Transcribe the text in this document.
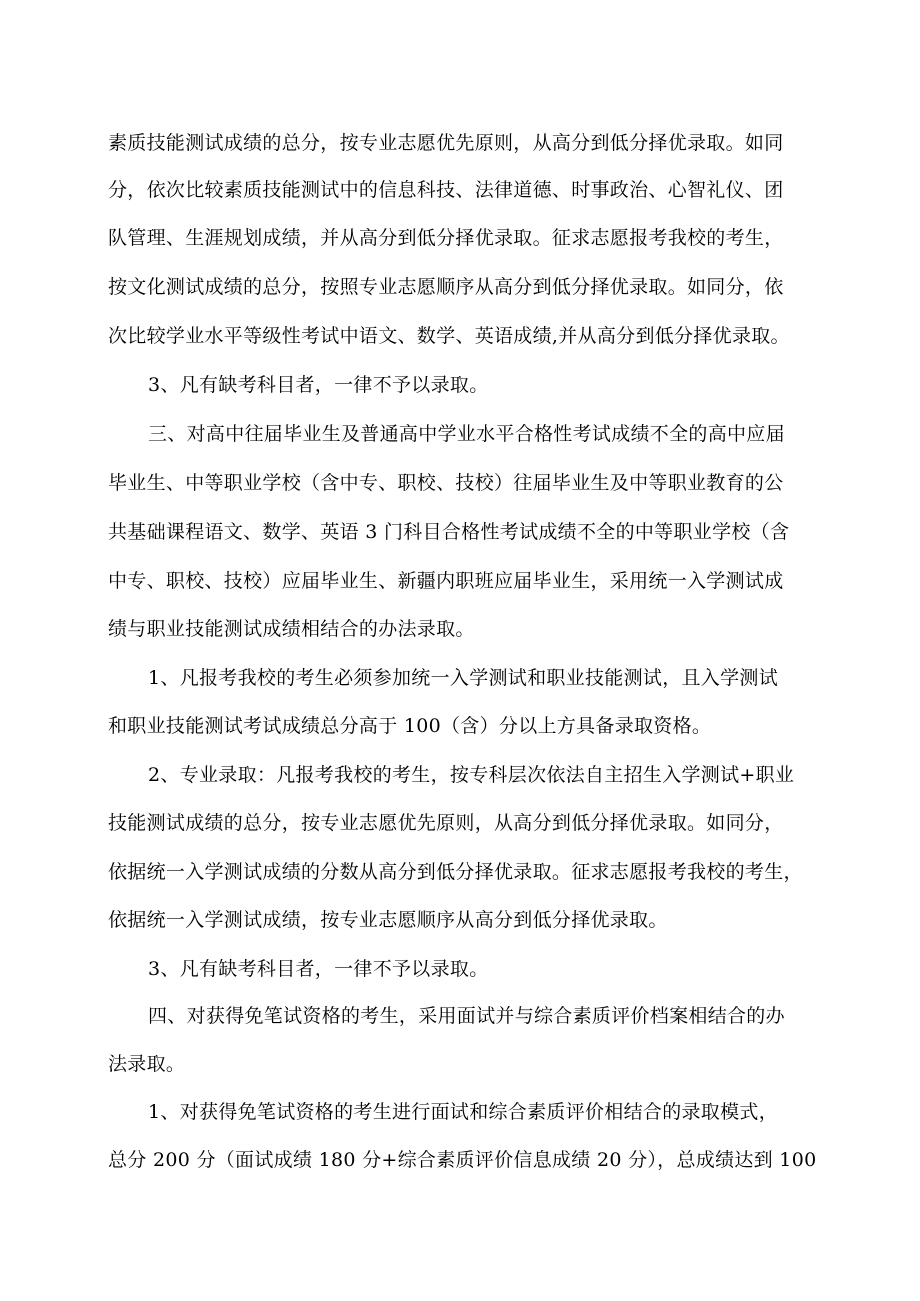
素质技能测试成绩的总分，按专业志愿优先原则，从高分到低分择优录取。如同
分，依次比较素质技能测试中的信息科技、法律道德、时事政治、心智礼仪、团
队管理、生涯规划成绩，并从高分到低分择优录取。征求志愿报考我校的考生，
按文化测试成绩的总分，按照专业志愿顺序从高分到低分择优录取。如同分，依
次比较学业水平等级性考试中语文、数学、英语成绩,并从高分到低分择优录取。
3、凡有缺考科目者，一律不予以录取。
三、对高中往届毕业生及普通高中学业水平合格性考试成绩不全的高中应届
毕业生、中等职业学校（含中专、职校、技校）往届毕业生及中等职业教育的公
共基础课程语文、数学、英语 3 门科目合格性考试成绩不全的中等职业学校（含
中专、职校、技校）应届毕业生、新疆内职班应届毕业生，采用统一入学测试成
绩与职业技能测试成绩相结合的办法录取。
1、凡报考我校的考生必须参加统一入学测试和职业技能测试，且入学测试
和职业技能测试考试成绩总分高于 100（含）分以上方具备录取资格。
2、专业录取：凡报考我校的考生，按专科层次依法自主招生入学测试+职业
技能测试成绩的总分，按专业志愿优先原则，从高分到低分择优录取。如同分，
依据统一入学测试成绩的分数从高分到低分择优录取。征求志愿报考我校的考生，
依据统一入学测试成绩，按专业志愿顺序从高分到低分择优录取。
3、凡有缺考科目者，一律不予以录取。
四、对获得免笔试资格的考生，采用面试并与综合素质评价档案相结合的办
法录取。
1、对获得免笔试资格的考生进行面试和综合素质评价相结合的录取模式，
总分 200 分（面试成绩 180 分+综合素质评价信息成绩 20 分），总成绩达到 100
